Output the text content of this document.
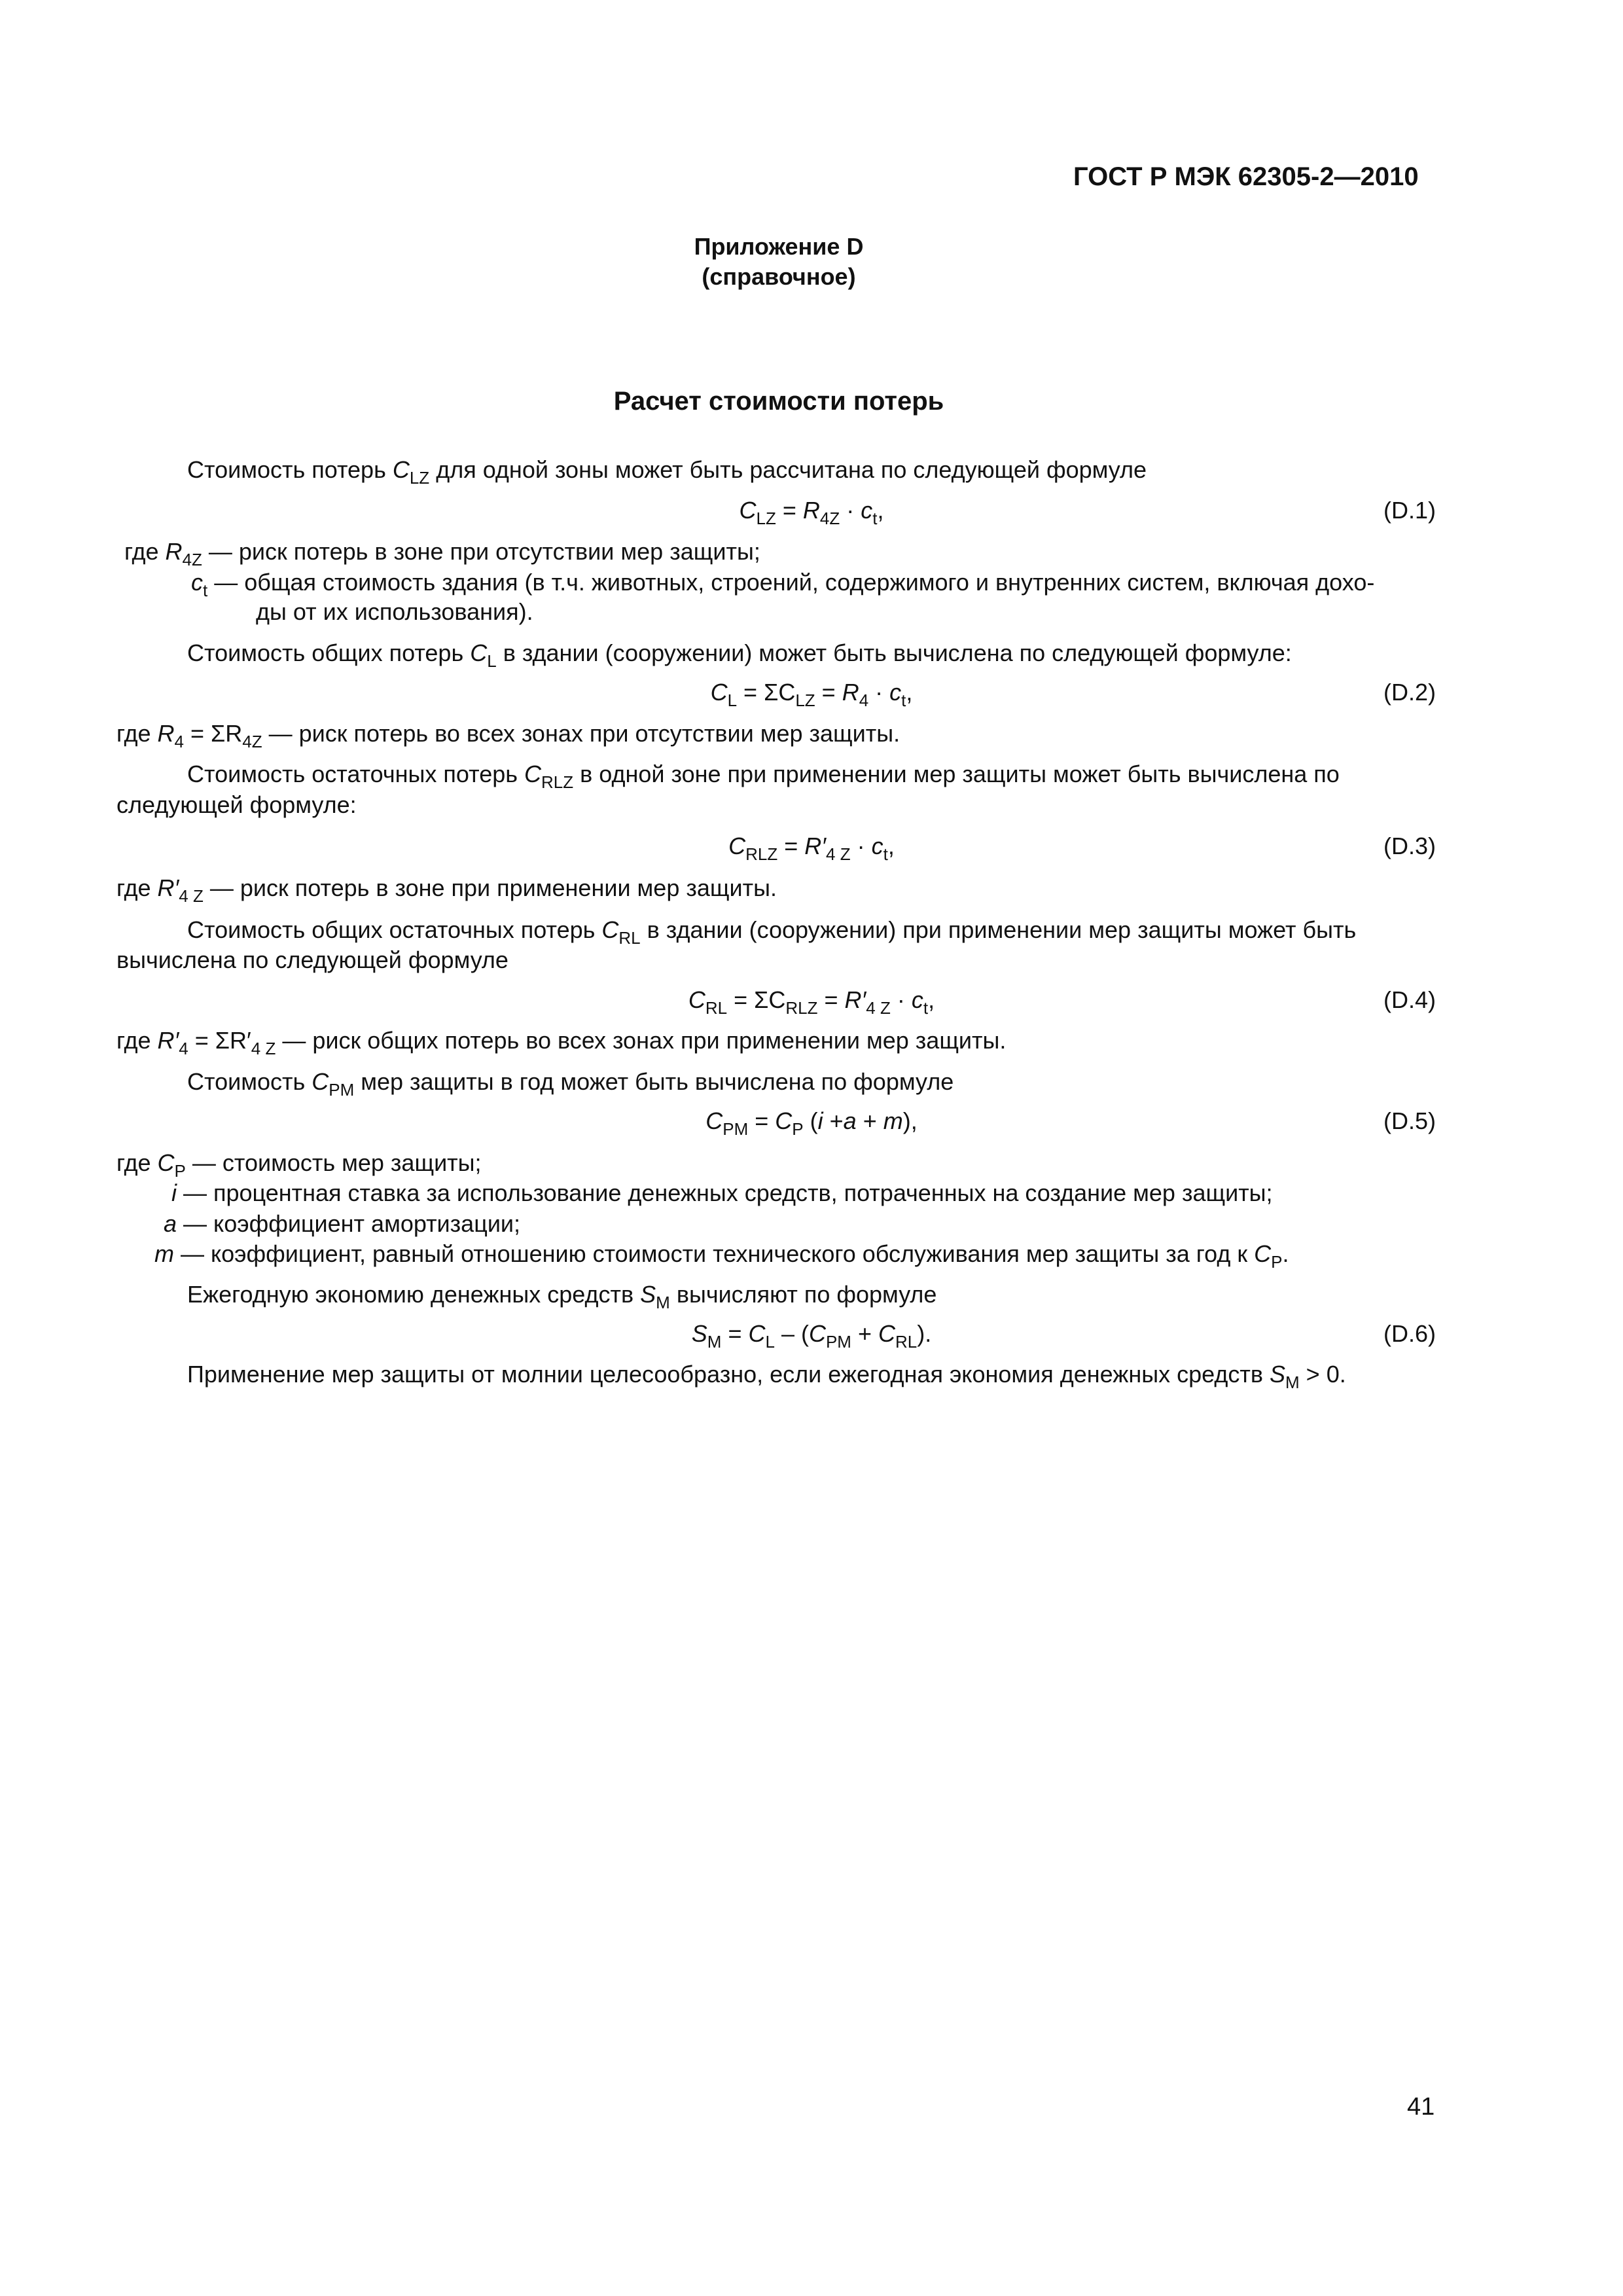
ГОСТ Р МЭК 62305-2—2010
Приложение D
(справочное)
Расчет стоимости потерь
Стоимость потерь $C_{LZ}$ для одной зоны может быть рассчитана по следующей формуле
$C_{LZ} = R_{4Z} \cdot c_t$,	(D.1)
где $R_{4Z}$ — риск потерь в зоне при отсутствии мер защиты;
$c_t$ — общая стоимость здания (в т.ч. животных, строений, содержимого и внутренних систем, включая дохо-
ды от их использования).
Стоимость общих потерь $C_L$ в здании (сооружении) может быть вычислена по следующей формуле:
$C_L = \Sigma C_{LZ} = R_4 \cdot c_t$,	(D.2)
где $R_4 = \Sigma R_{4Z}$ — риск потерь во всех зонах при отсутствии мер защиты.
Стоимость остаточных потерь $C_{RLZ}$ в одной зоне при применении мер защиты может быть вычислена по
следующей формуле:
$C_{RLZ} = R'_{4 Z} \cdot c_t$,	(D.3)
где $R'_{4 Z}$ — риск потерь в зоне при применении мер защиты.
Стоимость общих остаточных потерь $C_{RL}$ в здании (сооружении) при применении мер защиты может быть
вычислена по следующей формуле
$C_{RL} = \Sigma C_{RLZ} = R'_{4 Z} \cdot c_t$,	(D.4)
где $R'_4 = \Sigma R'_{4 Z}$ — риск общих потерь во всех зонах при применении мер защиты.
Стоимость $C_{PM}$ мер защиты в год может быть вычислена по формуле
$C_{PM} = C_P$ (i +a + m),	(D.5)
где $C_P$ — стоимость мер защиты;
i — процентная ставка за использование денежных средств, потраченных на создание мер защиты;
a — коэффициент амортизации;
m — коэффициент, равный отношению стоимости технического обслуживания мер защиты за год к $C_P$.
Ежегодную экономию денежных средств $S_M$ вычисляют по формуле
$S_M = C_L - (C_{PM} + C_{RL})$.	(D.6)
Применение мер защиты от молнии целесообразно, если ежегодная экономия денежных средств $S_M > 0$.
41
